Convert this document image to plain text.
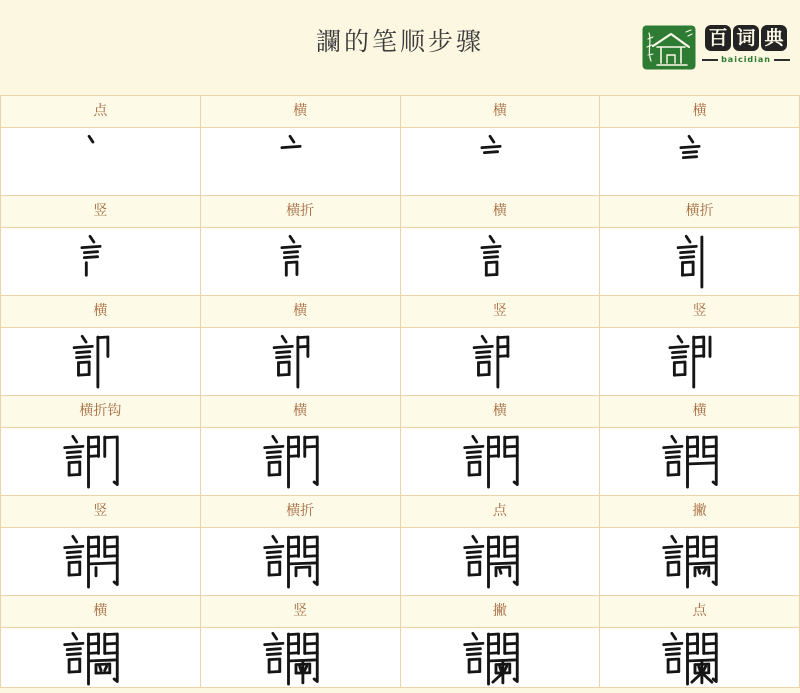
讕的笔顺步骤	百 词 典
baicidian
点	横	横	横
竖	横折	横	横折
横	横	竖	竖
横折钩	横	横	横
竖	横折	点	撇
横	竖	撇	点
